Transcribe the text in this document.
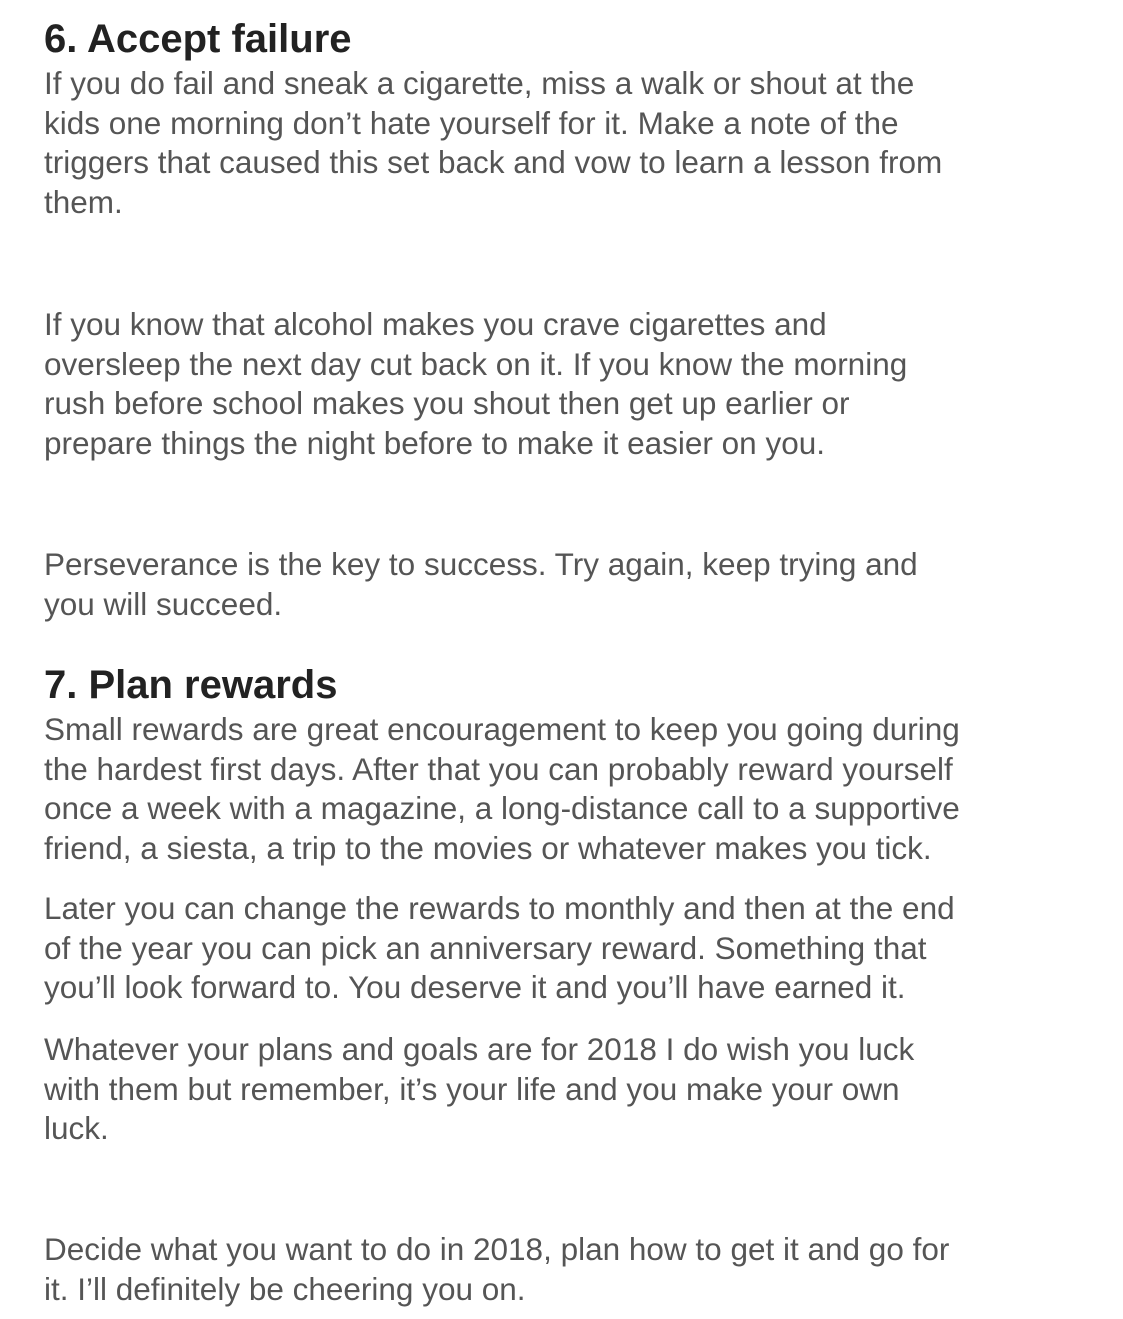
6. Accept failure

If you do fail and sneak a cigarette, miss a walk or shout at the
kids one morning don’t hate yourself for it. Make a note of the
triggers that caused this set back and vow to learn a lesson from
them.

If you know that alcohol makes you crave cigarettes and
oversleep the next day cut back on it. If you know the morning
rush before school makes you shout then get up earlier or
prepare things the night before to make it easier on you.

Perseverance is the key to success. Try again, keep trying and
you will succeed.

7. Plan rewards

Small rewards are great encouragement to keep you going during
the hardest first days. After that you can probably reward yourself
once a week with a magazine, a long-distance call to a supportive
friend, a siesta, a trip to the movies or whatever makes you tick.

Later you can change the rewards to monthly and then at the end
of the year you can pick an anniversary reward. Something that
you’ll look forward to. You deserve it and you’ll have earned it.

Whatever your plans and goals are for 2018 I do wish you luck
with them but remember, it’s your life and you make your own
luck.

Decide what you want to do in 2018, plan how to get it and go for
it. I’ll definitely be cheering you on.
